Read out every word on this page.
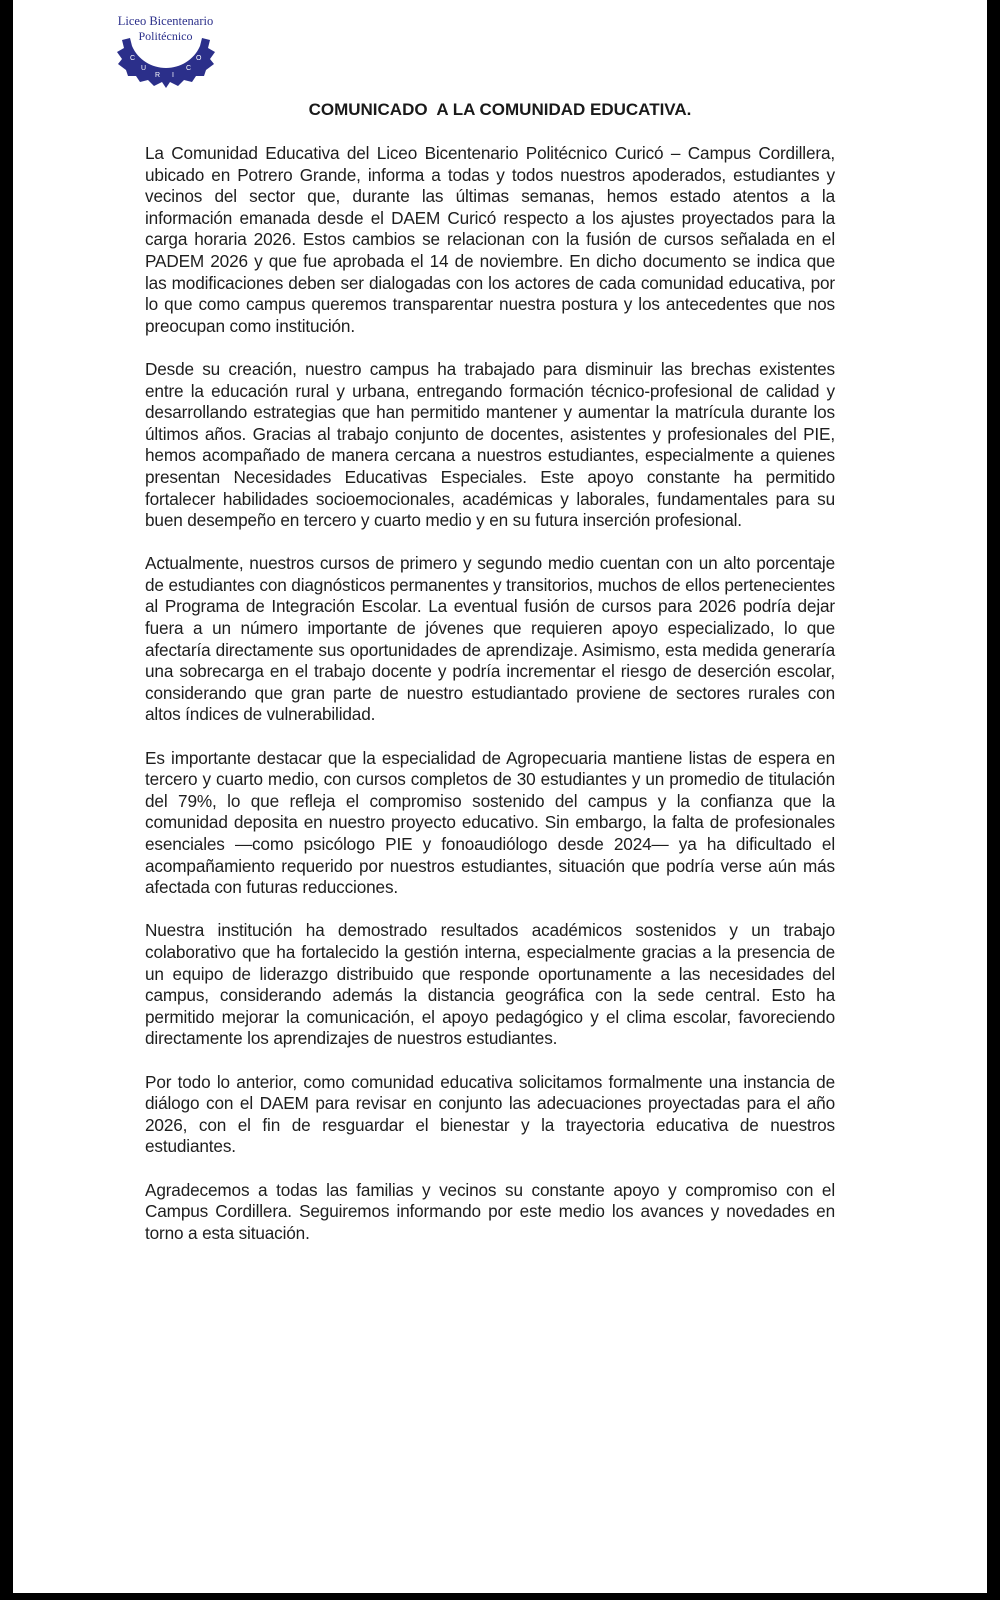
Liceo Bicentenario
C
U
R I
C
O
Politécnico
COMUNICADO  A LA COMUNIDAD EDUCATIVA.

La Comunidad Educativa del Liceo Bicentenario Politécnico Curicó – Campus Cordillera, ubicado en Potrero Grande, informa a todas y todos nuestros apoderados, estudiantes y vecinos del sector que, durante las últimas semanas, hemos estado atentos a la información emanada desde el DAEM Curicó respecto a los ajustes proyectados para la carga horaria 2026. Estos cambios se relacionan con la fusión de cursos señalada en el PADEM 2026 y que fue aprobada el 14 de noviembre. En dicho documento se indica que las modificaciones deben ser dialogadas con los actores de cada comunidad educativa, por lo que como campus queremos transparentar nuestra postura y los antecedentes que nos preocupan como institución.

Desde su creación, nuestro campus ha trabajado para disminuir las brechas existentes entre la educación rural y urbana, entregando formación técnico-profesional de calidad y desarrollando estrategias que han permitido mantener y aumentar la matrícula durante los últimos años. Gracias al trabajo conjunto de docentes, asistentes y profesionales del PIE, hemos acompañado de manera cercana a nuestros estudiantes, especialmente a quienes presentan Necesidades Educativas Especiales. Este apoyo constante ha permitido fortalecer habilidades socioemocionales, académicas y laborales, fundamentales para su buen desempeño en tercero y cuarto medio y en su futura inserción profesional.

Actualmente, nuestros cursos de primero y segundo medio cuentan con un alto porcentaje de estudiantes con diagnósticos permanentes y transitorios, muchos de ellos pertenecientes al Programa de Integración Escolar. La eventual fusión de cursos para 2026 podría dejar fuera a un número importante de jóvenes que requieren apoyo especializado, lo que afectaría directamente sus oportunidades de aprendizaje. Asimismo, esta medida generaría una sobrecarga en el trabajo docente y podría incrementar el riesgo de deserción escolar, considerando que gran parte de nuestro estudiantado proviene de sectores rurales con altos índices de vulnerabilidad.

Es importante destacar que la especialidad de Agropecuaria mantiene listas de espera en tercero y cuarto medio, con cursos completos de 30 estudiantes y un promedio de titulación del 79%, lo que refleja el compromiso sostenido del campus y la confianza que la comunidad deposita en nuestro proyecto educativo. Sin embargo, la falta de profesionales esenciales —como psicólogo PIE y fonoaudiólogo desde 2024— ya ha dificultado el acompañamiento requerido por nuestros estudiantes, situación que podría verse aún más afectada con futuras reducciones.

Nuestra institución ha demostrado resultados académicos sostenidos y un trabajo colaborativo que ha fortalecido la gestión interna, especialmente gracias a la presencia de un equipo de liderazgo distribuido que responde oportunamente a las necesidades del campus, considerando además la distancia geográfica con la sede central. Esto ha permitido mejorar la comunicación, el apoyo pedagógico y el clima escolar, favoreciendo directamente los aprendizajes de nuestros estudiantes.

Por todo lo anterior, como comunidad educativa solicitamos formalmente una instancia de diálogo con el DAEM para revisar en conjunto las adecuaciones proyectadas para el año 2026, con el fin de resguardar el bienestar y la trayectoria educativa de nuestros estudiantes.

Agradecemos a todas las familias y vecinos su constante apoyo y compromiso con el Campus Cordillera. Seguiremos informando por este medio los avances y novedades en torno a esta situación.
